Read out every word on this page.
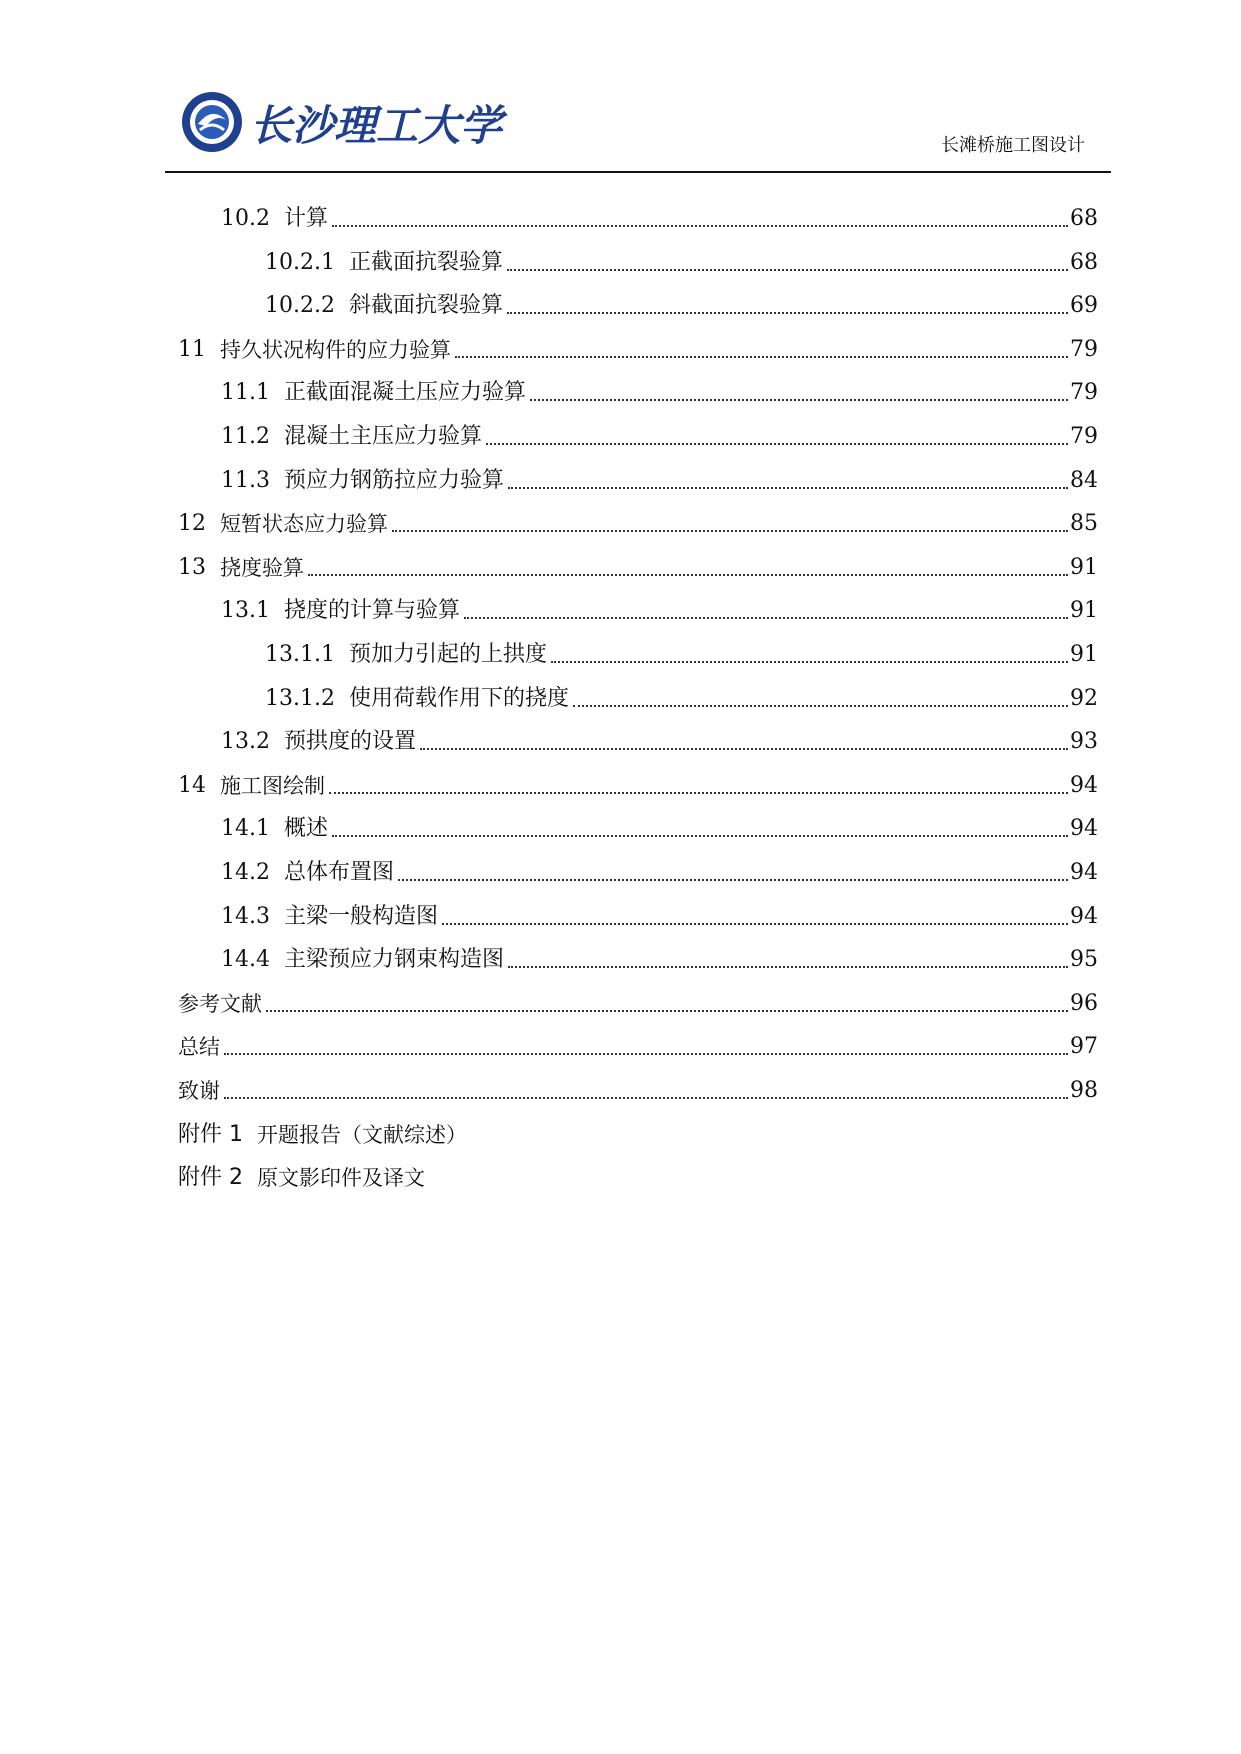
长沙理工大学	长滩桥施工图设计
10.2 计算	68
10.2.1 正截面抗裂验算	68
10.2.2 斜截面抗裂验算	69
11 持久状况构件的应力验算	79
11.1 正截面混凝土压应力验算	79
11.2 混凝土主压应力验算	79
11.3 预应力钢筋拉应力验算	84
12 短暂状态应力验算	85
13 挠度验算	91
13.1 挠度的计算与验算	91
13.1.1 预加力引起的上拱度	91
13.1.2 使用荷载作用下的挠度	92
13.2 预拱度的设置	93
14 施工图绘制	94
14.1 概述	94
14.2 总体布置图	94
14.3 主梁一般构造图	94
14.4 主梁预应力钢束构造图	95
参考文献	96
总结	97
致谢	98
附件 1 开题报告（文献综述）
附件 2 原文影印件及译文
